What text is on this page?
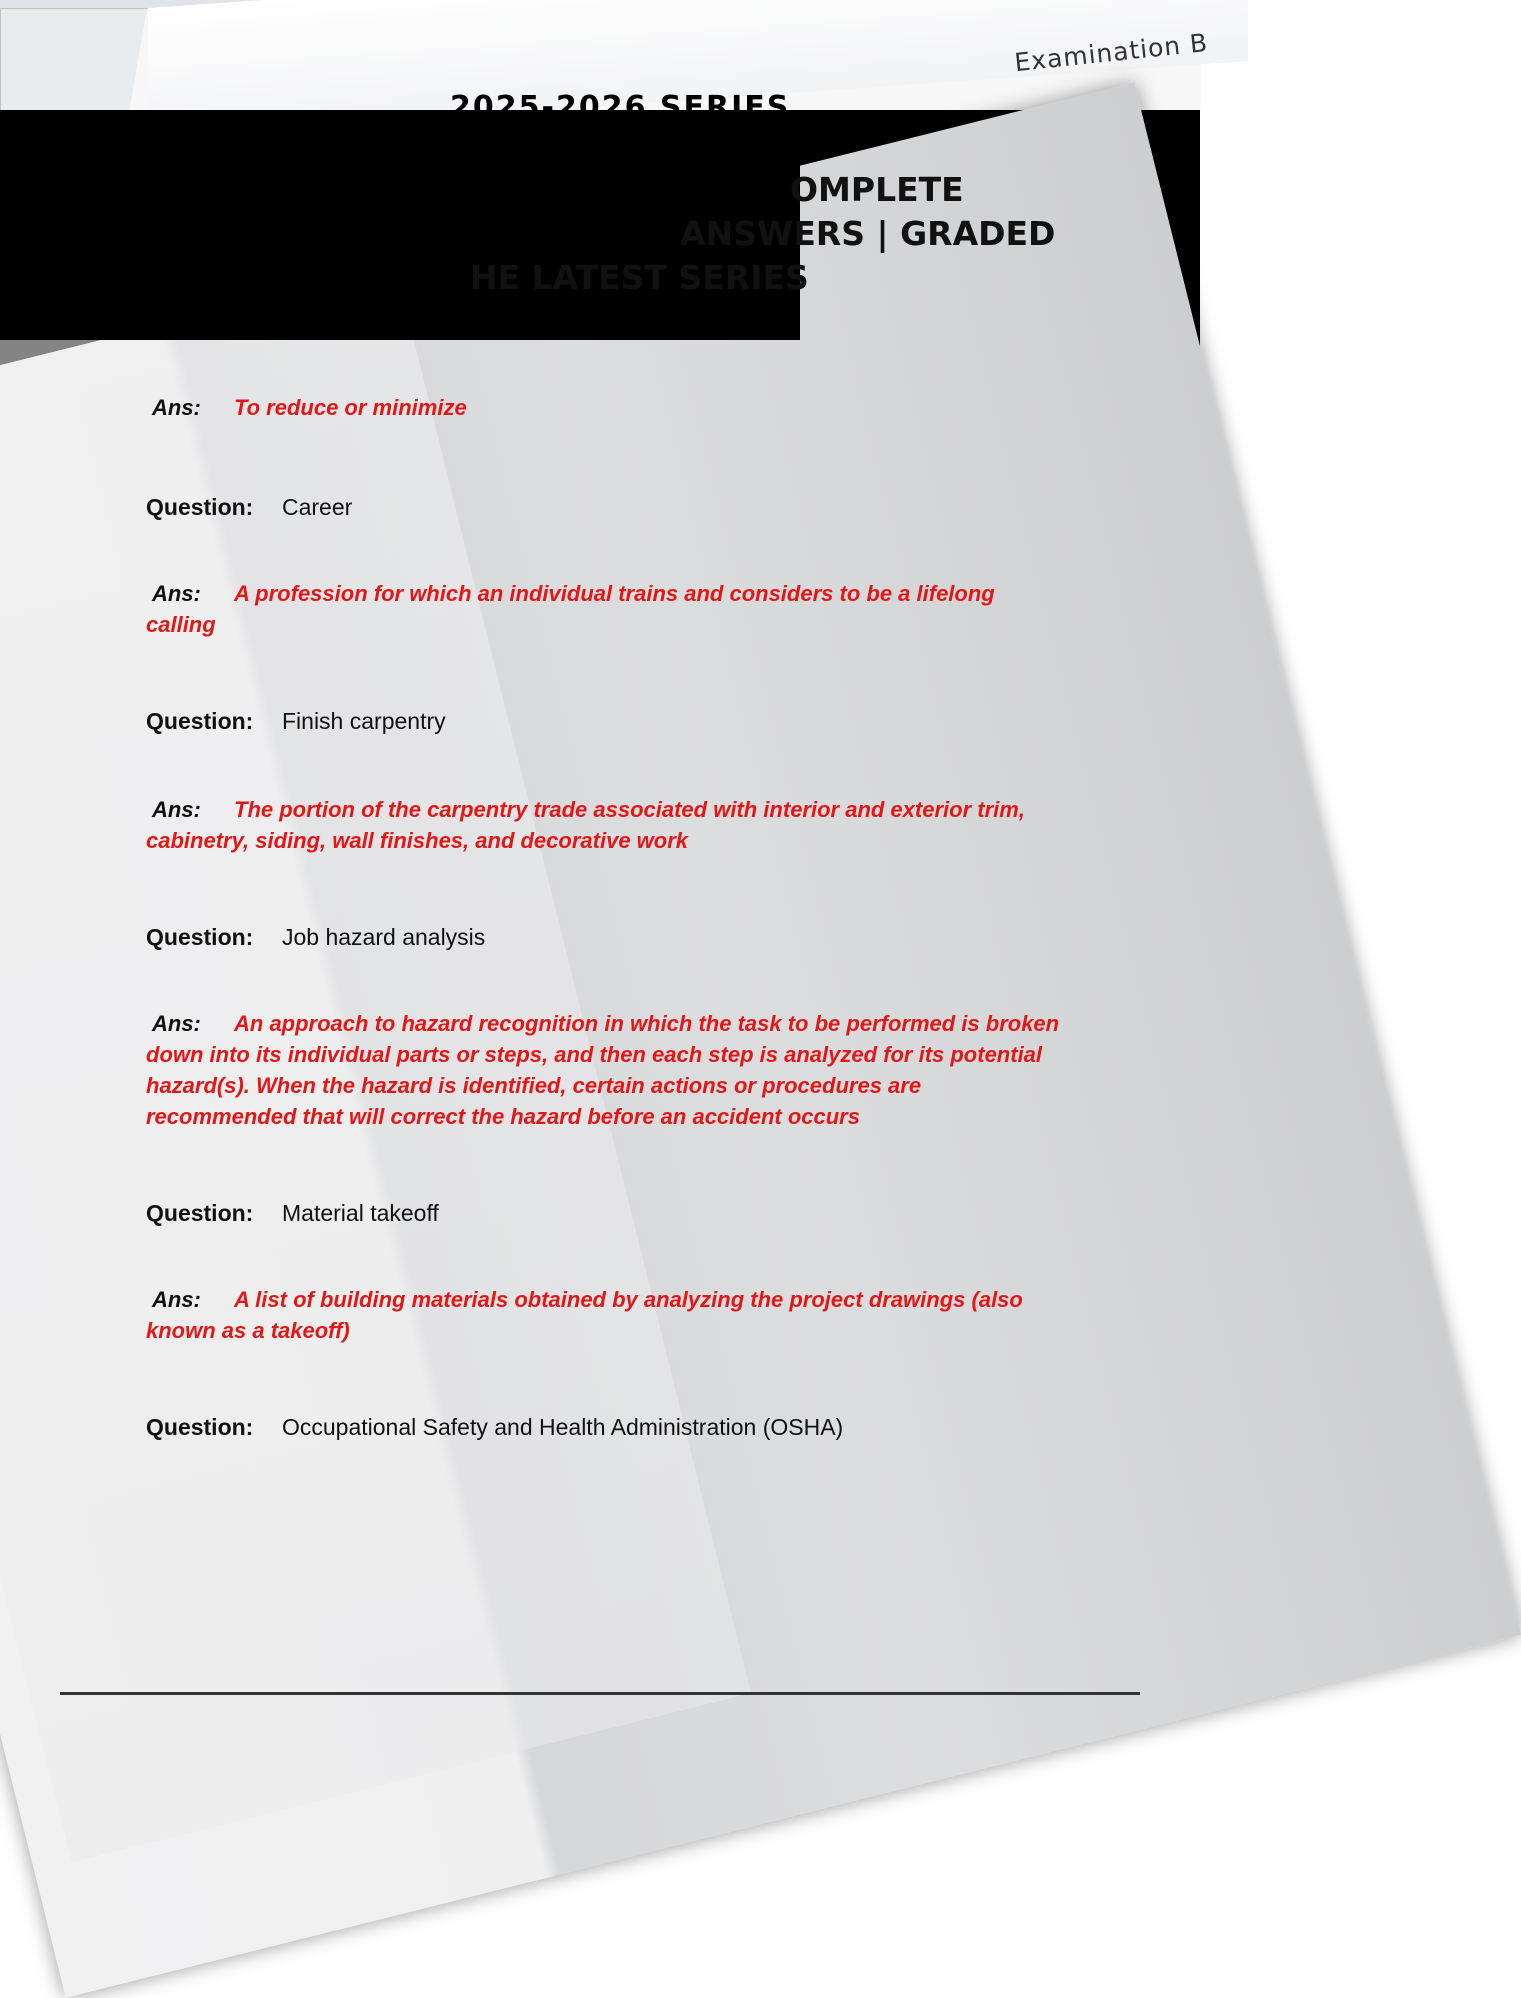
Examination B
2025-2026 SERIES
OMPLETE
ANSWERS | GRADED
HE LATEST SERIES
Ans: To reduce or minimize
Question: Career
Ans: A profession for which an individual trains and considers to be a lifelong calling
Question: Finish carpentry
Ans: The portion of the carpentry trade associated with interior and exterior trim, cabinetry, siding, wall finishes, and decorative work
Question: Job hazard analysis
Ans: An approach to hazard recognition in which the task to be performed is broken down into its individual parts or steps, and then each step is analyzed for its potential hazard(s). When the hazard is identified, certain actions or procedures are recommended that will correct the hazard before an accident occurs
Question: Material takeoff
Ans: A list of building materials obtained by analyzing the project drawings (also known as a takeoff)
Question: Occupational Safety and Health Administration (OSHA)
